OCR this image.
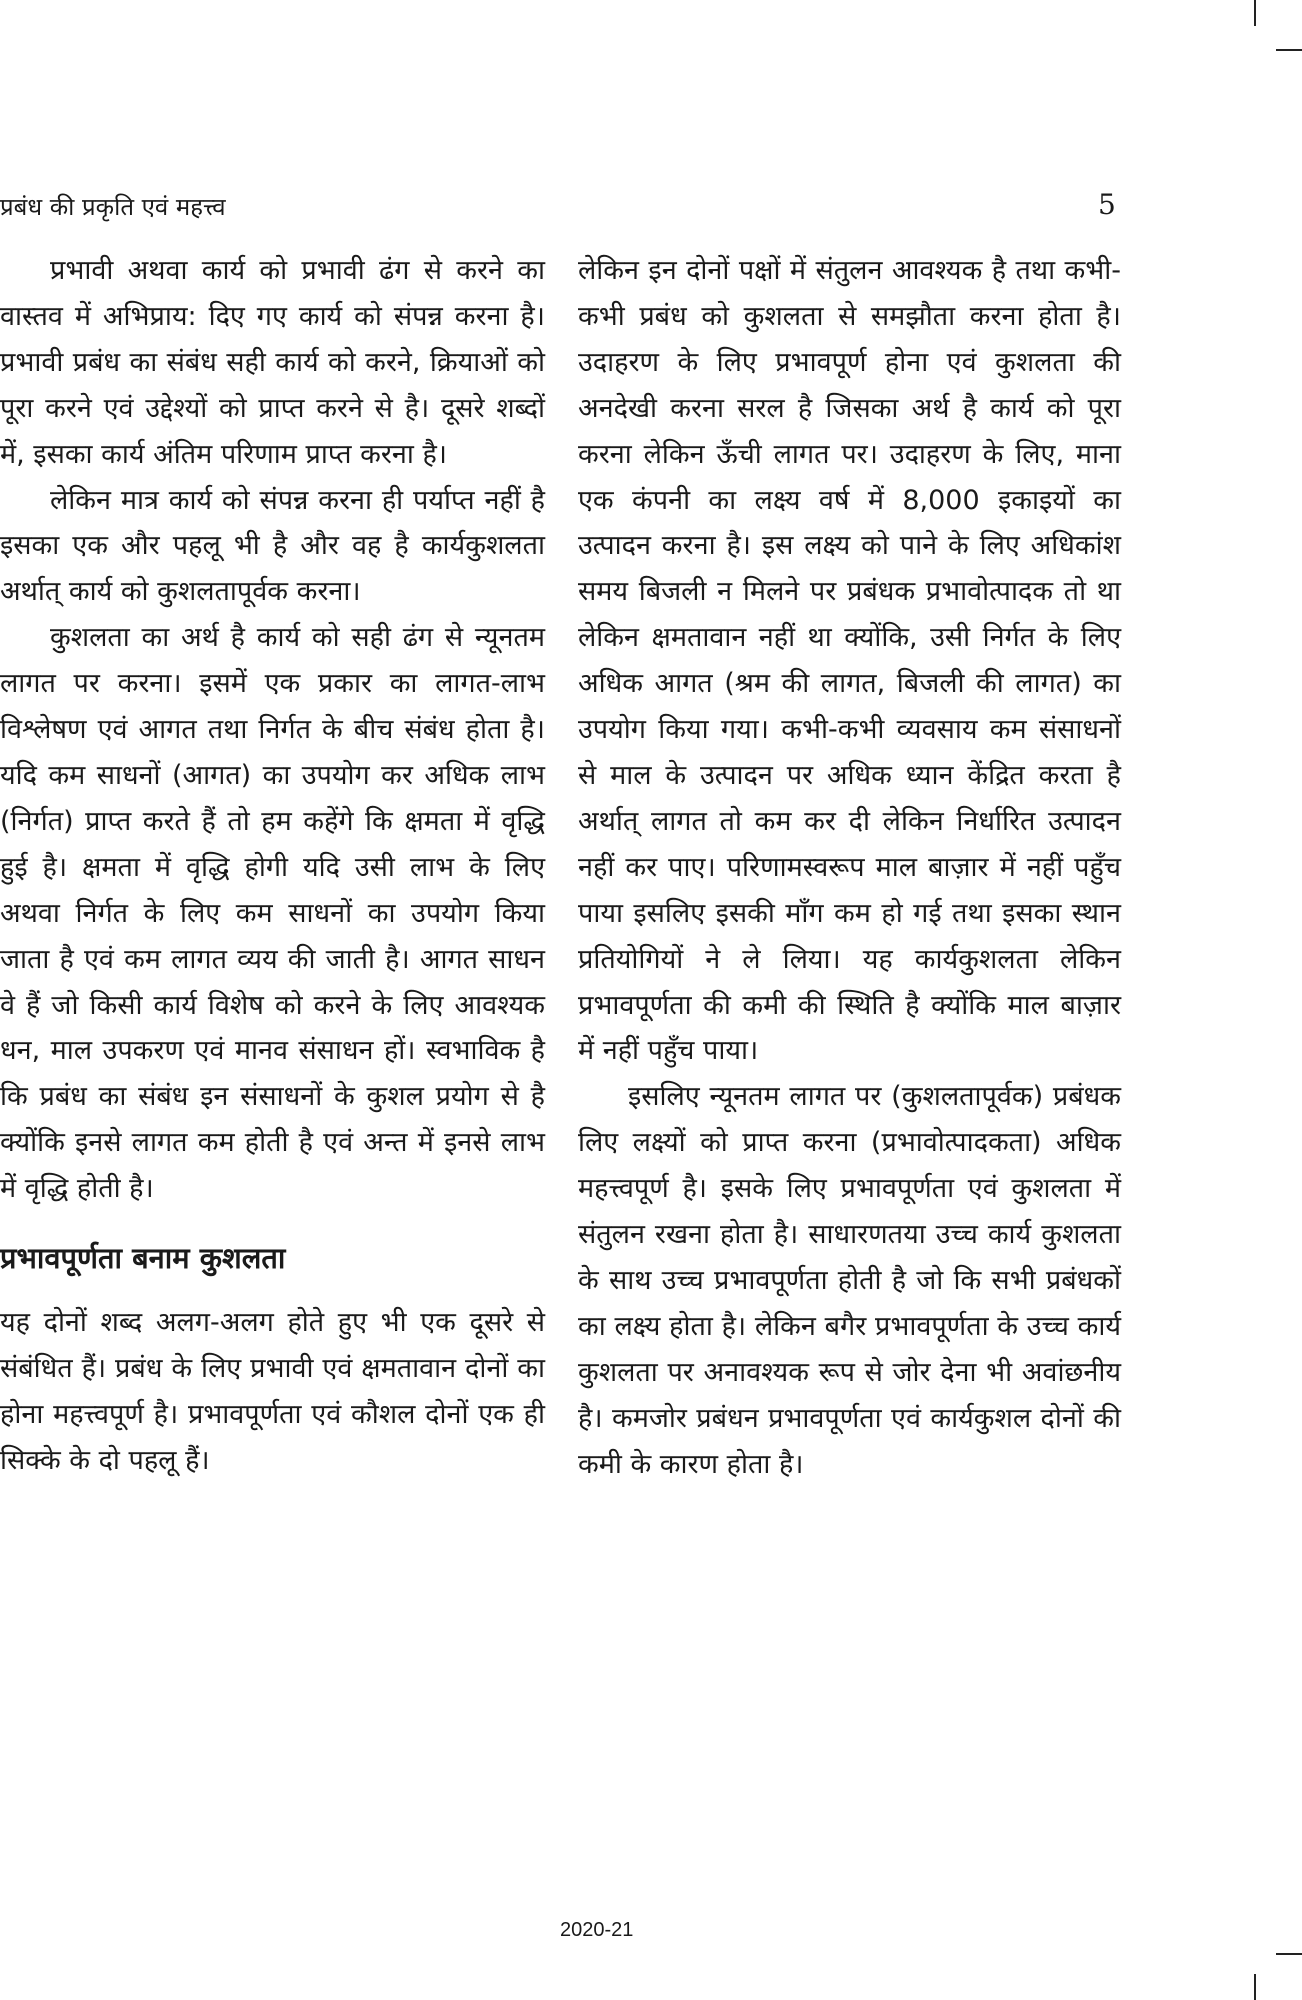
प्रबंध की प्रकृति एवं महत्त्व	5

प्रभावी अथवा कार्य को प्रभावी ढंग से करने का वास्तव में अभिप्राय: दिए गए कार्य को संपन्न करना है। प्रभावी प्रबंध का संबंध सही कार्य को करने, क्रियाओं को पूरा करने एवं उद्देश्यों को प्राप्त करने से है। दूसरे शब्दों में, इसका कार्य अंतिम परिणाम प्राप्त करना है।

लेकिन मात्र कार्य को संपन्न करना ही पर्याप्त नहीं है इसका एक और पहलू भी है और वह है कार्यकुशलता अर्थात् कार्य को कुशलतापूर्वक करना।

कुशलता का अर्थ है कार्य को सही ढंग से न्यूनतम लागत पर करना। इसमें एक प्रकार का लागत-लाभ विश्लेषण एवं आगत तथा निर्गत के बीच संबंध होता है। यदि कम साधनों (आगत) का उपयोग कर अधिक लाभ (निर्गत) प्राप्त करते हैं तो हम कहेंगे कि क्षमता में वृद्धि हुई है। क्षमता में वृद्धि होगी यदि उसी लाभ के लिए अथवा निर्गत के लिए कम साधनों का उपयोग किया जाता है एवं कम लागत व्यय की जाती है। आगत साधन वे हैं जो किसी कार्य विशेष को करने के लिए आवश्यक धन, माल उपकरण एवं मानव संसाधन हों। स्वभाविक है कि प्रबंध का संबंध इन संसाधनों के कुशल प्रयोग से है क्योंकि इनसे लागत कम होती है एवं अन्त में इनसे लाभ में वृद्धि होती है।

प्रभावपूर्णता बनाम कुशलता

यह दोनों शब्द अलग-अलग होते हुए भी एक दूसरे से संबंधित हैं। प्रबंध के लिए प्रभावी एवं क्षमतावान दोनों का होना महत्त्वपूर्ण है। प्रभावपूर्णता एवं कौशल दोनों एक ही सिक्के के दो पहलू हैं।

लेकिन इन दोनों पक्षों में संतुलन आवश्यक है तथा कभी-कभी प्रबंध को कुशलता से समझौता करना होता है। उदाहरण के लिए प्रभावपूर्ण होना एवं कुशलता की अनदेखी करना सरल है जिसका अर्थ है कार्य को पूरा करना लेकिन ऊँची लागत पर। उदाहरण के लिए, माना एक कंपनी का लक्ष्य वर्ष में 8,000 इकाइयों का उत्पादन करना है। इस लक्ष्य को पाने के लिए अधिकांश समय बिजली न मिलने पर प्रबंधक प्रभावोत्पादक तो था लेकिन क्षमतावान नहीं था क्योंकि, उसी निर्गत के लिए अधिक आगत (श्रम की लागत, बिजली की लागत) का उपयोग किया गया। कभी-कभी व्यवसाय कम संसाधनों से माल के उत्पादन पर अधिक ध्यान केंद्रित करता है अर्थात् लागत तो कम कर दी लेकिन निर्धारित उत्पादन नहीं कर पाए। परिणामस्वरूप माल बाज़ार में नहीं पहुँच पाया इसलिए इसकी माँग कम हो गई तथा इसका स्थान प्रतियोगियों ने ले लिया। यह कार्यकुशलता लेकिन प्रभावपूर्णता की कमी की स्थिति है क्योंकि माल बाज़ार में नहीं पहुँच पाया।

इसलिए न्यूनतम लागत पर (कुशलतापूर्वक) प्रबंधक लिए लक्ष्यों को प्राप्त करना (प्रभावोत्पादकता) अधिक महत्त्वपूर्ण है। इसके लिए प्रभावपूर्णता एवं कुशलता में संतुलन रखना होता है। साधारणतया उच्च कार्य कुशलता के साथ उच्च प्रभावपूर्णता होती है जो कि सभी प्रबंधकों का लक्ष्य होता है। लेकिन बगैर प्रभावपूर्णता के उच्च कार्य कुशलता पर अनावश्यक रूप से जोर देना भी अवांछनीय है। कमजोर प्रबंधन प्रभावपूर्णता एवं कार्यकुशल दोनों की कमी के कारण होता है।

2020-21
